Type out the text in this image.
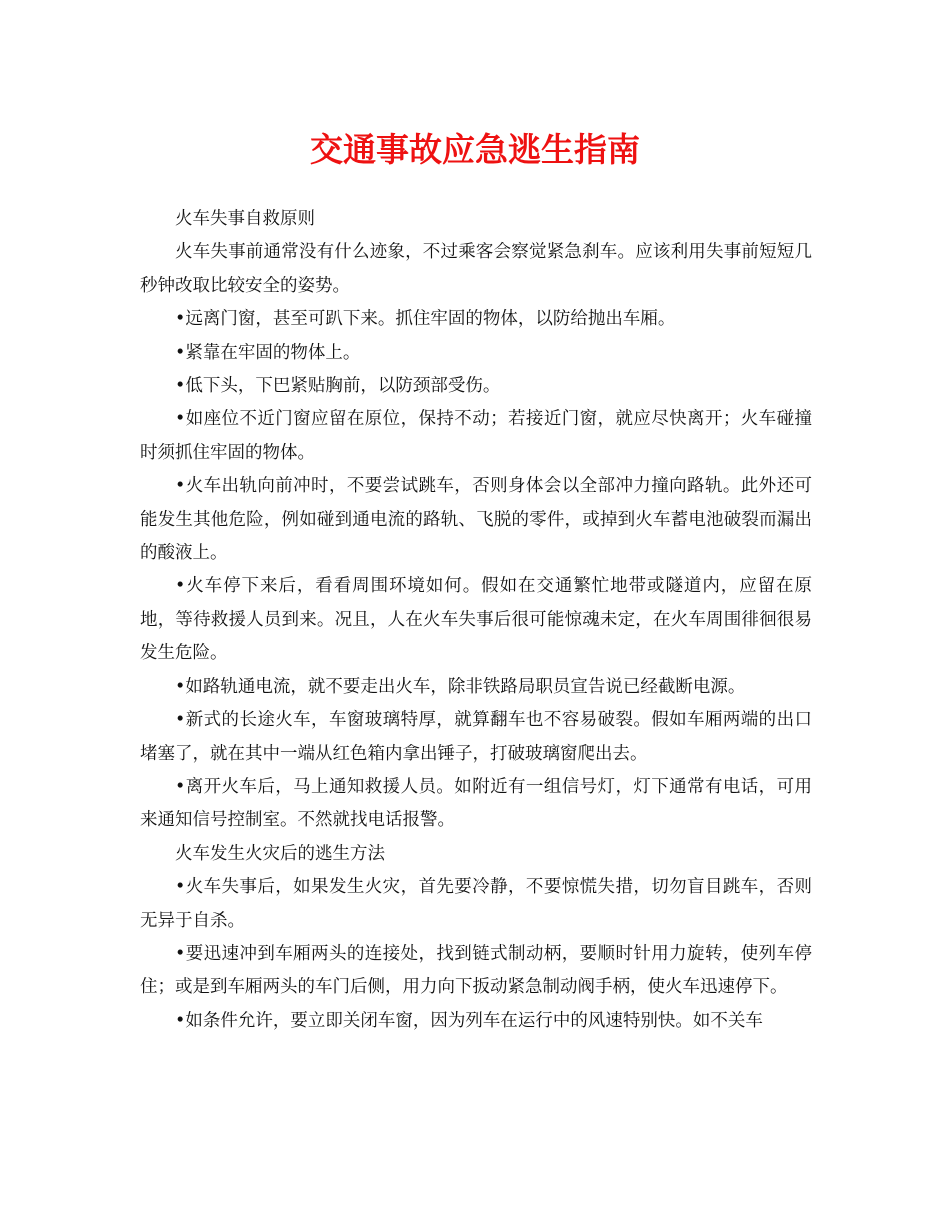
交通事故应急逃生指南

火车失事自救原则

火车失事前通常没有什么迹象，不过乘客会察觉紧急刹车。应该利用失事前短短几秒钟改取比较安全的姿势。

•远离门窗，甚至可趴下来。抓住牢固的物体，以防给抛出车厢。

•紧靠在牢固的物体上。

•低下头，下巴紧贴胸前，以防颈部受伤。

•如座位不近门窗应留在原位，保持不动；若接近门窗，就应尽快离开；火车碰撞时须抓住牢固的物体。

•火车出轨向前冲时，不要尝试跳车，否则身体会以全部冲力撞向路轨。此外还可能发生其他危险，例如碰到通电流的路轨、飞脱的零件，或掉到火车蓄电池破裂而漏出的酸液上。

•火车停下来后，看看周围环境如何。假如在交通繁忙地带或隧道内，应留在原地，等待救援人员到来。况且，人在火车失事后很可能惊魂未定，在火车周围徘徊很易发生危险。

•如路轨通电流，就不要走出火车，除非铁路局职员宣告说已经截断电源。

•新式的长途火车，车窗玻璃特厚，就算翻车也不容易破裂。假如车厢两端的出口堵塞了，就在其中一端从红色箱内拿出锤子，打破玻璃窗爬出去。

•离开火车后，马上通知救援人员。如附近有一组信号灯，灯下通常有电话，可用来通知信号控制室。不然就找电话报警。

火车发生火灾后的逃生方法

•火车失事后，如果发生火灾，首先要冷静，不要惊慌失措，切勿盲目跳车，否则无异于自杀。

•要迅速冲到车厢两头的连接处，找到链式制动柄，要顺时针用力旋转，使列车停住；或是到车厢两头的车门后侧，用力向下扳动紧急制动阀手柄，使火车迅速停下。

•如条件允许，要立即关闭车窗，因为列车在运行中的风速特别快。如不关车
